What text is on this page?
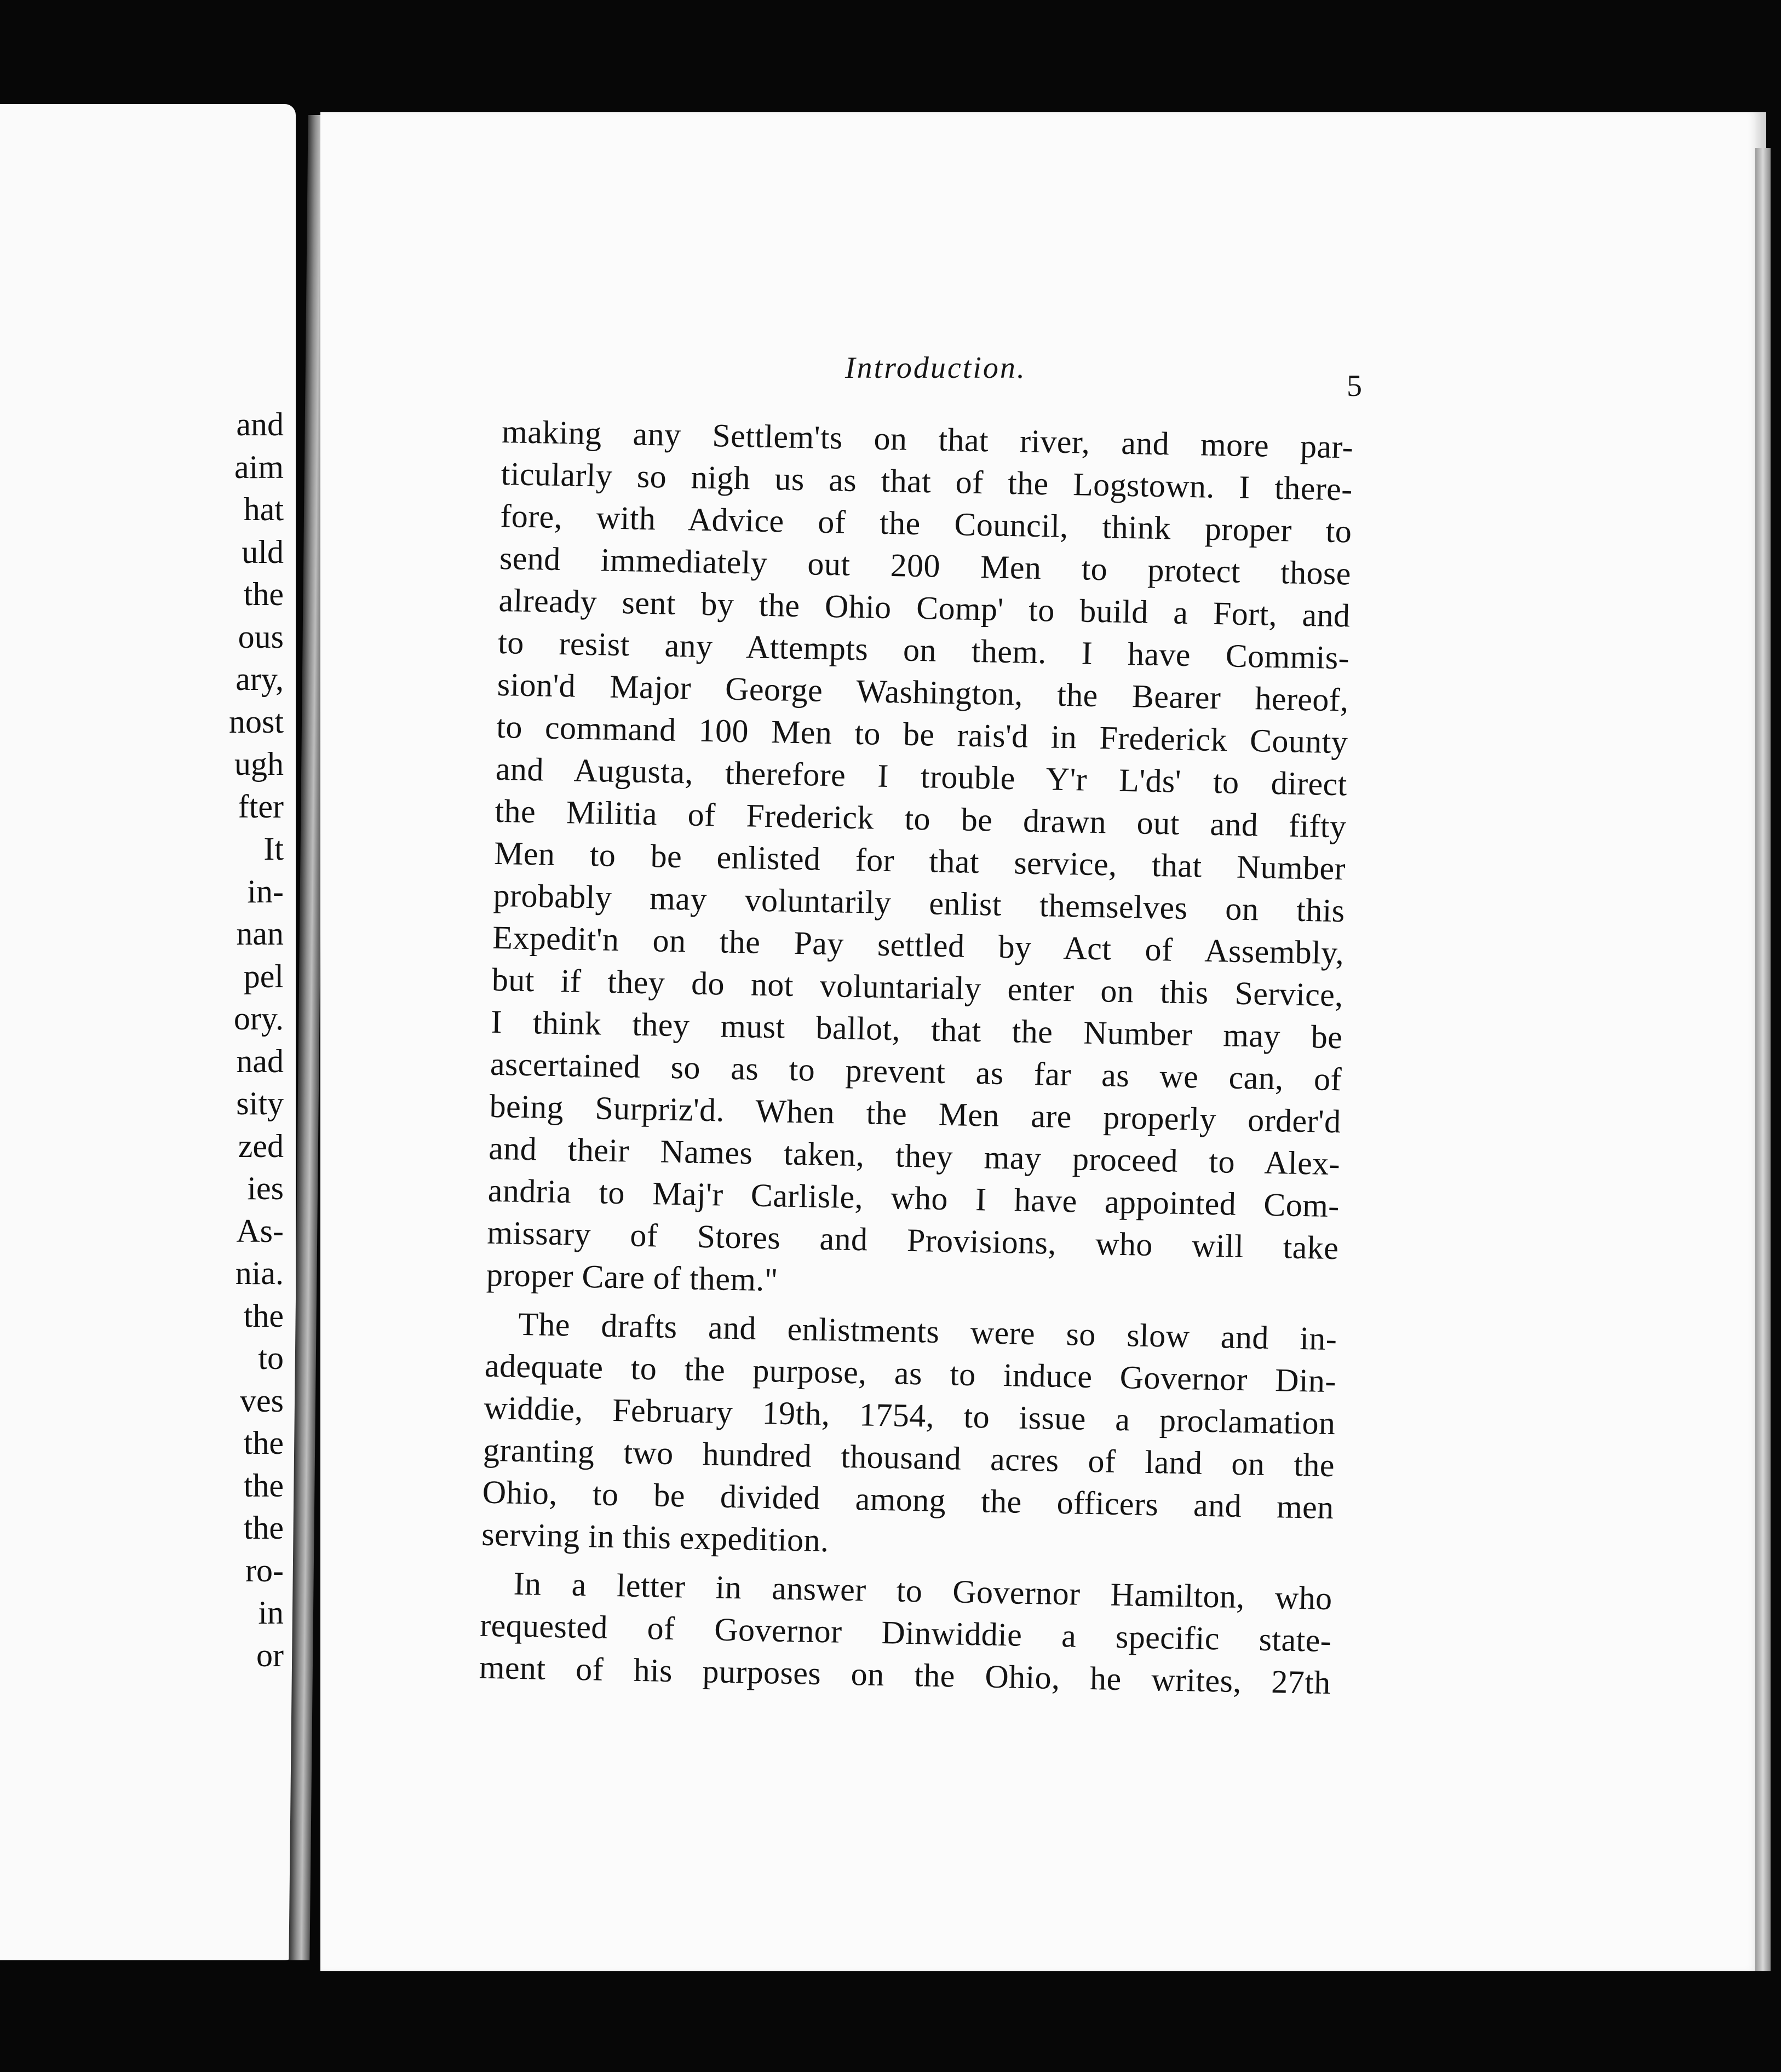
and
aim
hat
uld
the
ous
ary,
nost
ugh
fter
It
in-
nan
pel
ory.
nad
sity
zed
ies
As-
nia.
the
to
ves
the
the
the
ro-
in
or
Introduction.
5
making any Settlem'ts on that river, and more par-
ticularly so nigh us as that of the Logstown. I there-
fore, with Advice of the Council, think proper to
send immediately out 200 Men to protect those
already sent by the Ohio Comp' to build a Fort, and
to resist any Attempts on them. I have Commis-
sion'd Major George Washington, the Bearer hereof,
to command 100 Men to be rais'd in Frederick County
and Augusta, therefore I trouble Y'r L'ds' to direct
the Militia of Frederick to be drawn out and fifty
Men to be enlisted for that service, that Number
probably may voluntarily enlist themselves on this
Expedit'n on the Pay settled by Act of Assembly,
but if they do not voluntarialy enter on this Service,
I think they must ballot, that the Number may be
ascertained so as to prevent as far as we can, of
being Surpriz'd. When the Men are properly order'd
and their Names taken, they may proceed to Alex-
andria to Maj'r Carlisle, who I have appointed Com-
missary of Stores and Provisions, who will take
proper Care of them."
The drafts and enlistments were so slow and in-
adequate to the purpose, as to induce Governor Din-
widdie, February 19th, 1754, to issue a proclamation
granting two hundred thousand acres of land on the
Ohio, to be divided among the officers and men
serving in this expedition.
In a letter in answer to Governor Hamilton, who
requested of Governor Dinwiddie a specific state-
ment of his purposes on the Ohio, he writes, 27th
